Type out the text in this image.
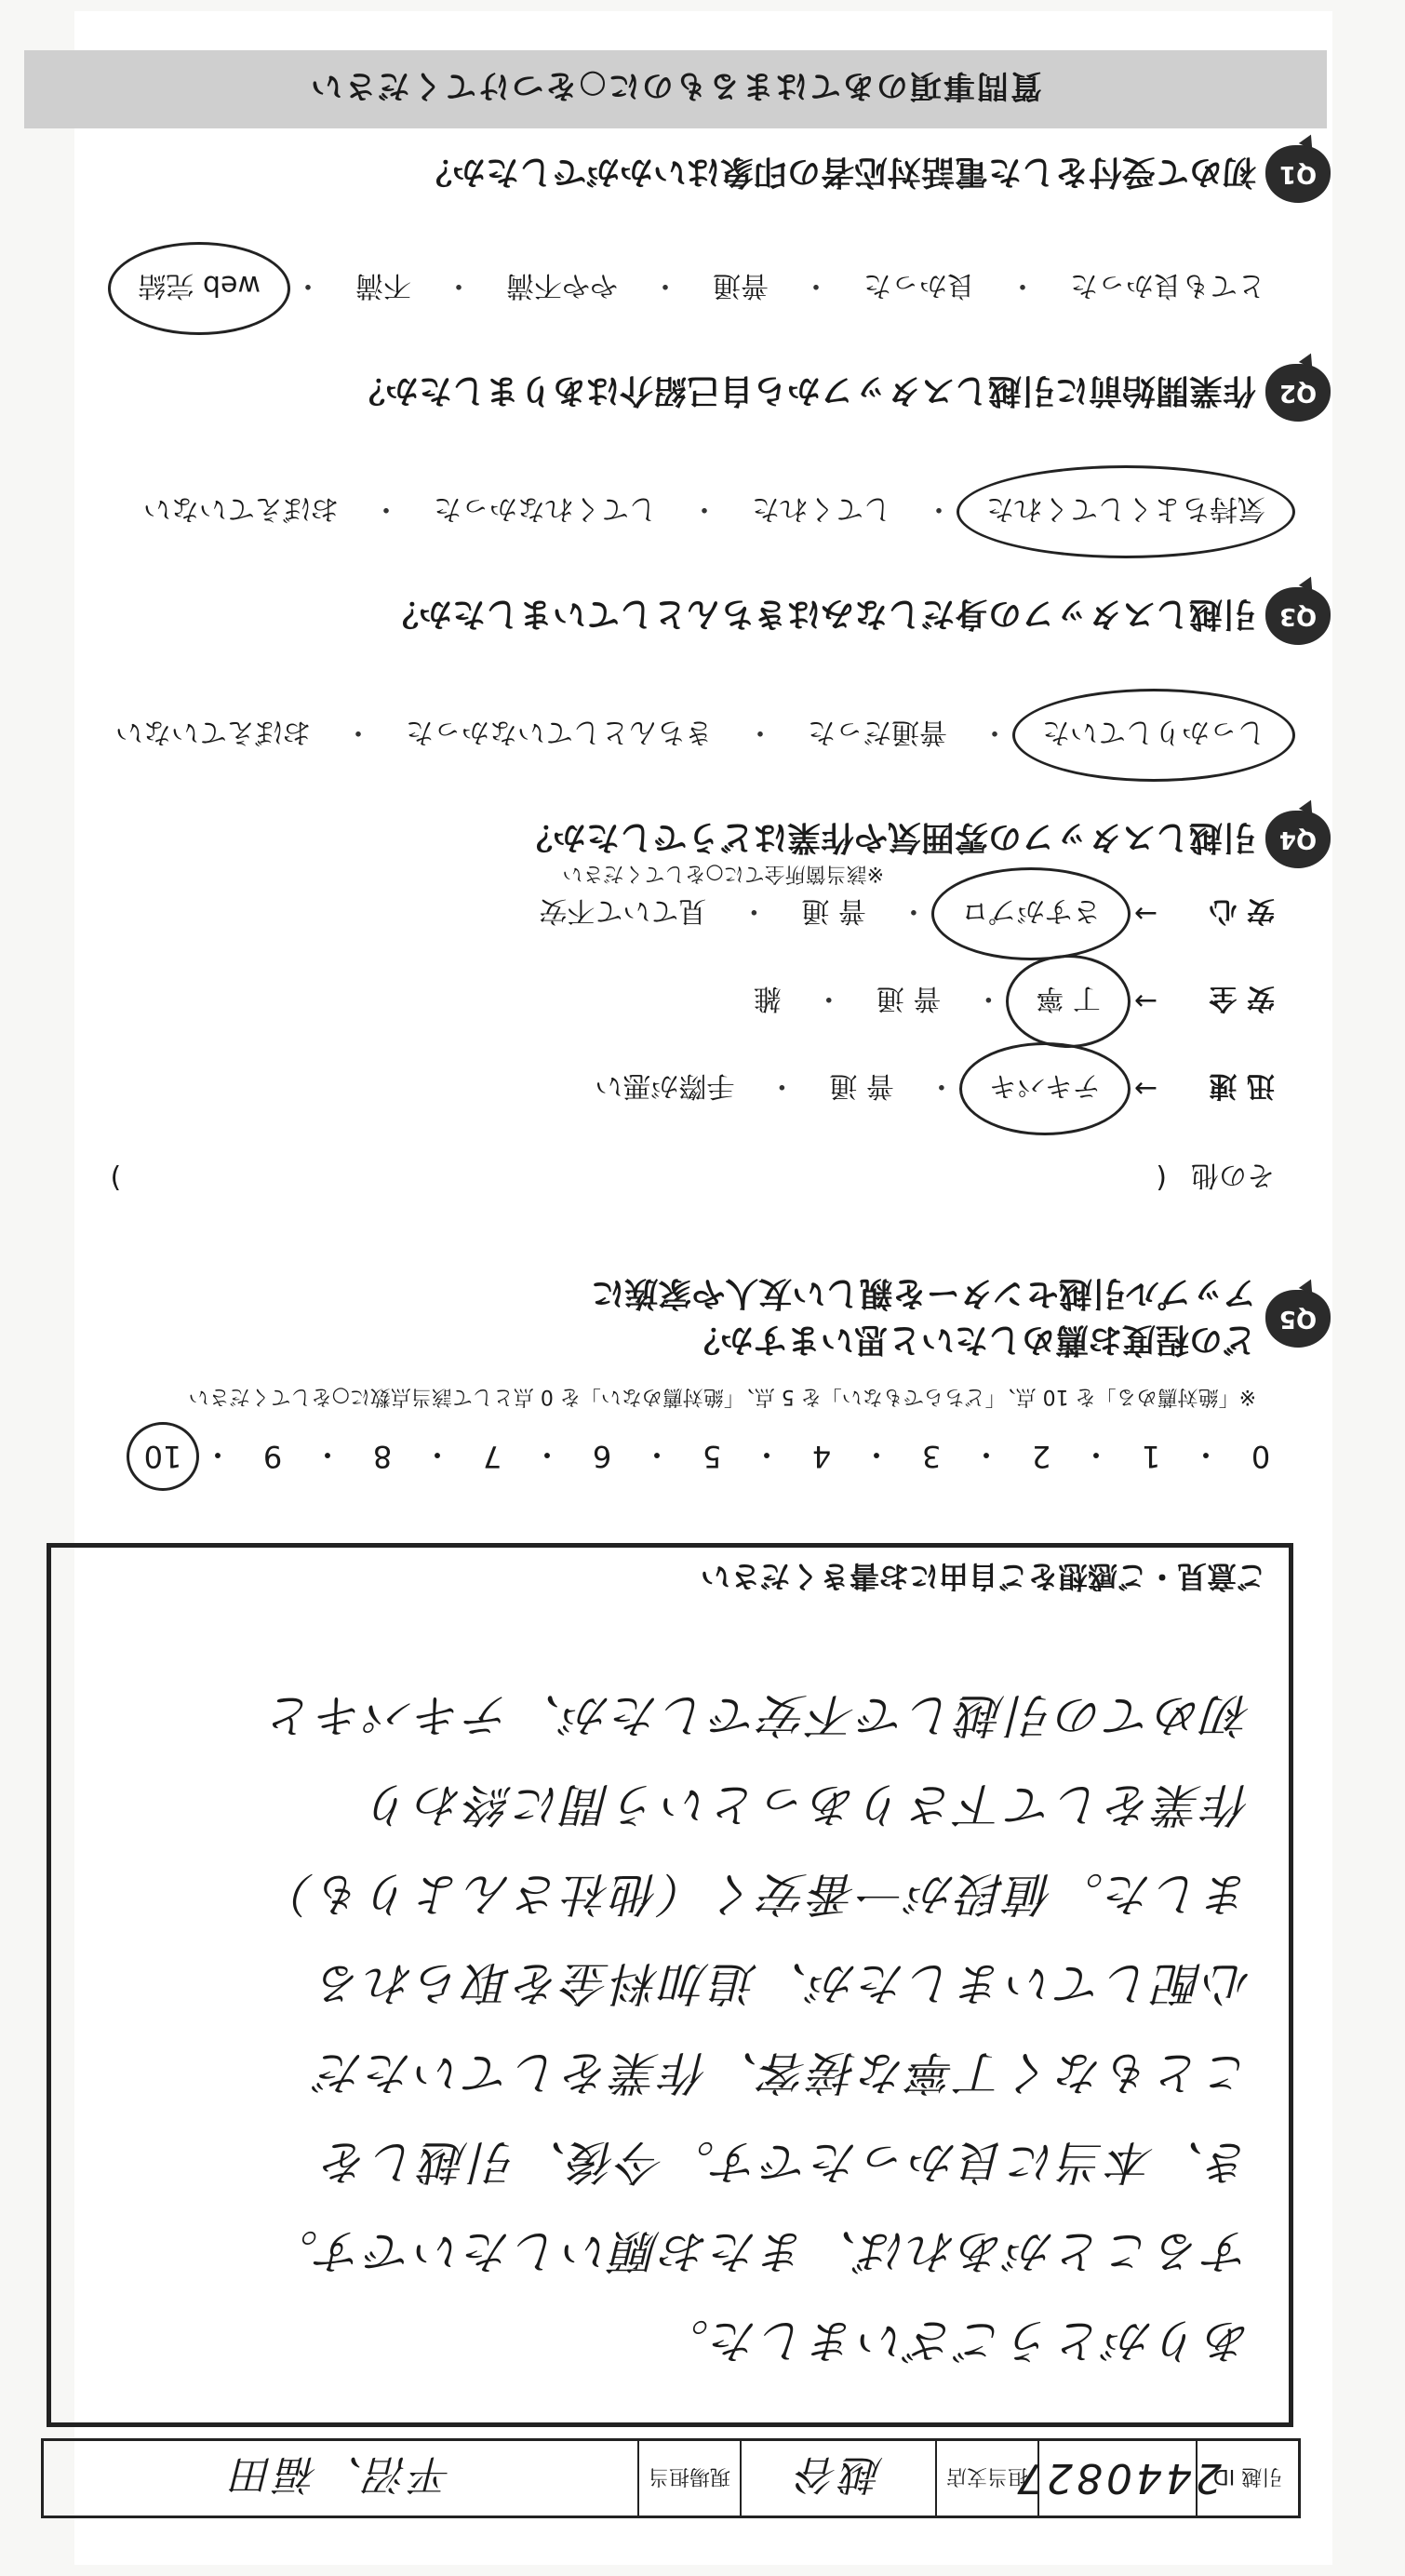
引越 ID
2440827
担当支店
越谷
現場担当
平沼、福田
ありがとうございました。
することがあれば、またお願いしたいです。
き、本当に良かったです。今後、引越しを
こともなく丁寧な接客、作業をしていただ
心配していましたが、追加料金を取られる
ました。値段が一番安く（他社さんよりも）
作業をして下さりあっという間に終わり
初めての引越しで不安でしたが、テキパキと
ご意見・ご感想をご自由にお書きください
0
・
1
・
2
・
3
・
4
・
5
・
6
・
7
・
8
・
9
・
10
※「絶対薦める」を 10 点、「どちらでもない」を 5 点、「絶対薦めない」を 0 点として該当点数に○をしてください
どの程度お薦めしたいと思いますか？
アップル引越センターを親しい友人や家族に
Q5
その他
(
)
迅 速
→
テキパキ
・
普 通
・
手際が悪い
安 全
→
丁 寧
・
普 通
・
雑
安 心
→
さすがプロ
・
普 通
・
見ていて不安
※該当箇所全てに○をしてください
引越しスタッフの雰囲気や作業はどうでしたか？ Q4
しっかりしていた
・
普通だった
・
きちんとしていなかった
・
おぼえていない
引越しスタッフの身だしなみはきちんとしていましたか？ Q3
気持ちよくしてくれた
・
してくれた
・
してくれなかった
・
おぼえていない
作業開始前に引越しスタッフから自己紹介はありましたか？ Q2
とても良かった
・
良かった
・
普通
・
やや不満
・
不満
・
web 完結
初めて受付をした電話対応者の印象はいかがでしたか？ Q1
質問事項のあてはまるものに○をつけてください
